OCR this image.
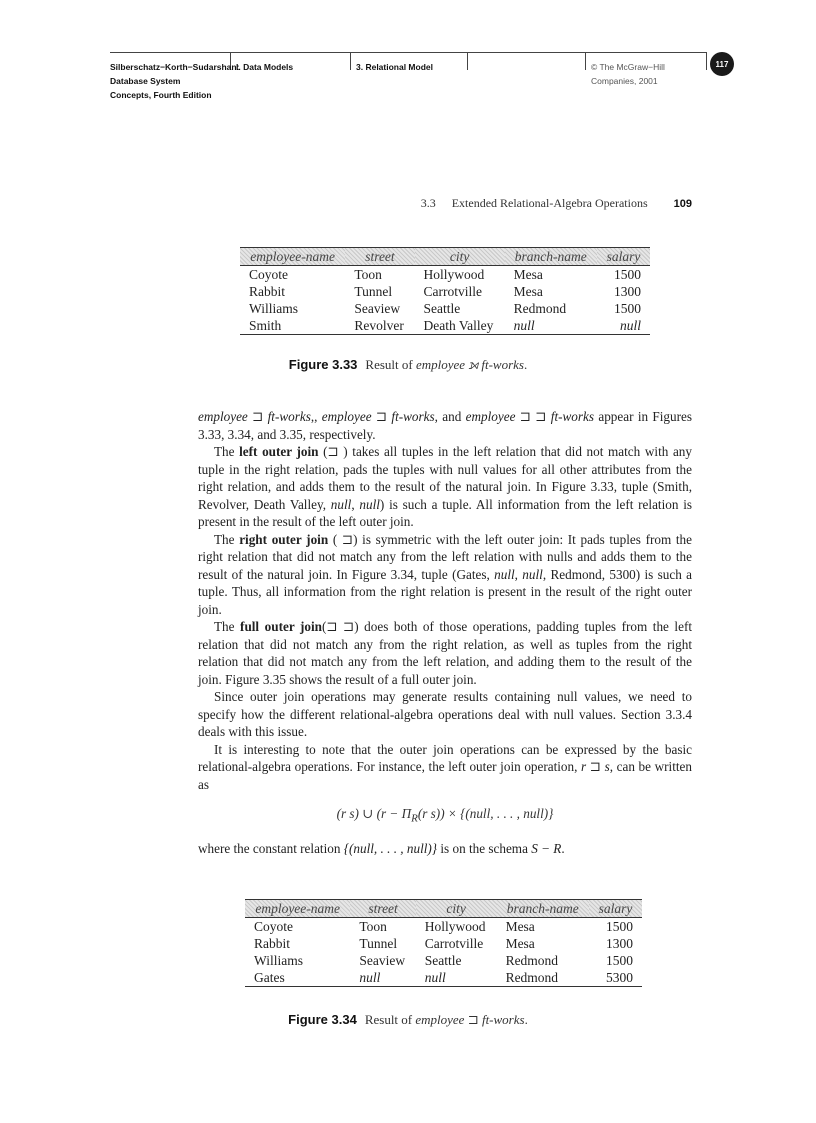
Silberschatz−Korth−Sudarshan:
Database System
Concepts, Fourth Edition
I. Data Models	3. Relational Model	© The McGraw−Hill
Companies, 2001
117
3.3 Extended Relational-Algebra Operations 109
employee-name	street	city	branch-name	salary
Coyote	Toon	Hollywood	Mesa	1500
Rabbit	Tunnel	Carrotville	Mesa	1300
Williams	Seaview	Seattle	Redmond	1500
Smith	Revolver	Death Valley	null	null
Figure 3.33 Result of employee ⟕ ft-works.

employee ⊐ ft-works,, employee ⊐ ft-works, and employee ⊐ ⊐ ft-works appear in Figures 3.33, 3.34, and 3.35, respectively.

The left outer join (⊐ ) takes all tuples in the left relation that did not match with any tuple in the right relation, pads the tuples with null values for all other attributes from the right relation, and adds them to the result of the natural join. In Figure 3.33, tuple (Smith, Revolver, Death Valley, null, null) is such a tuple. All information from the left relation is present in the result of the left outer join.

The right outer join ( ⊐) is symmetric with the left outer join: It pads tuples from the right relation that did not match any from the left relation with nulls and adds them to the result of the natural join. In Figure 3.34, tuple (Gates, null, null, Redmond, 5300) is such a tuple. Thus, all information from the right relation is present in the result of the right outer join.

The full outer join(⊐ ⊐) does both of those operations, padding tuples from the left relation that did not match any from the right relation, as well as tuples from the right relation that did not match any from the left relation, and adding them to the result of the join. Figure 3.35 shows the result of a full outer join.

Since outer join operations may generate results containing null values, we need to specify how the different relational-algebra operations deal with null values. Section 3.3.4 deals with this issue.

It is interesting to note that the outer join operations can be expressed by the basic relational-algebra operations. For instance, the left outer join operation, r ⊐ s, can be written as

(r s) ∪ ($r - \Pi_R(r$ s)) × {(null, . . . , null)}

where the constant relation {(null, . . . , null)} is on the schema S − R.

employee-name	street	city	branch-name	salary
Coyote	Toon	Hollywood	Mesa	1500
Rabbit	Tunnel	Carrotville	Mesa	1300
Williams	Seaview	Seattle	Redmond	1500
Gates	null	null	Redmond	5300
Figure 3.34 Result of employee ⊐ ft-works.
